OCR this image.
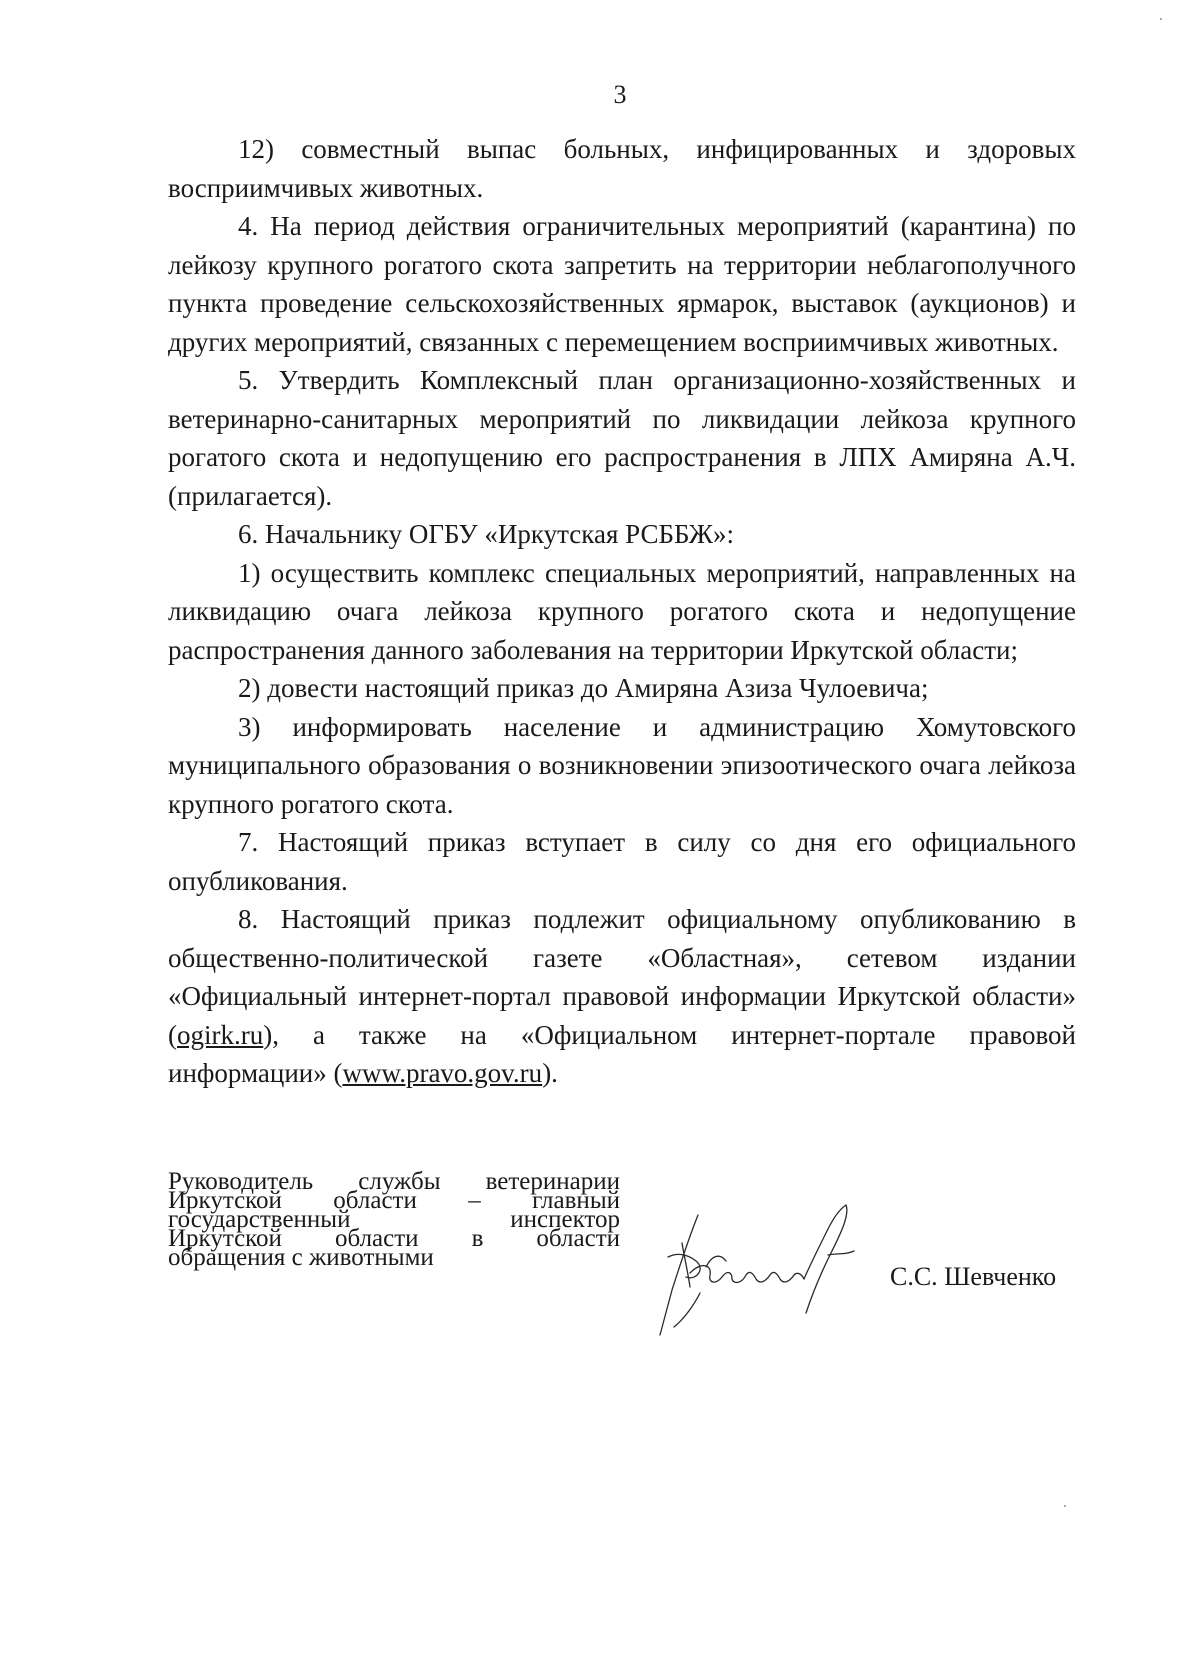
3

12) совместный выпас больных, инфицированных и здоровых восприимчивых животных.

4. На период действия ограничительных мероприятий (карантина) по лейкозу крупного рогатого скота запретить на территории неблагополучного пункта проведение сельскохозяйственных ярмарок, выставок (аукционов) и других мероприятий, связанных с перемещением восприимчивых животных.

5. Утвердить Комплексный план организационно-хозяйственных и ветеринарно-санитарных мероприятий по ликвидации лейкоза крупного рогатого скота и недопущению его распространения в ЛПХ Амиряна А.Ч. (прилагается).

6. Начальнику ОГБУ «Иркутская РСББЖ»:

1) осуществить комплекс специальных мероприятий, направленных на ликвидацию очага лейкоза крупного рогатого скота и недопущение распространения данного заболевания на территории Иркутской области;

2) довести настоящий приказ до Амиряна Азиза Чулоевича;

3) информировать население и администрацию Хомутовского муниципального образования о возникновении эпизоотического очага лейкоза крупного рогатого скота.

7. Настоящий приказ вступает в силу со дня его официального опубликования.

8. Настоящий приказ подлежит официальному опубликованию в общественно-политической газете «Областная», сетевом издании «Официальный интернет-портал правовой информации Иркутской области» (ogirk.ru), а также на «Официальном интернет-портале правовой информации» (www.pravo.gov.ru).

Руководитель службы ветеринарии
Иркутской области – главный
государственный инспектор
Иркутской области в области
обращения с животными
С.С. Шевченко
